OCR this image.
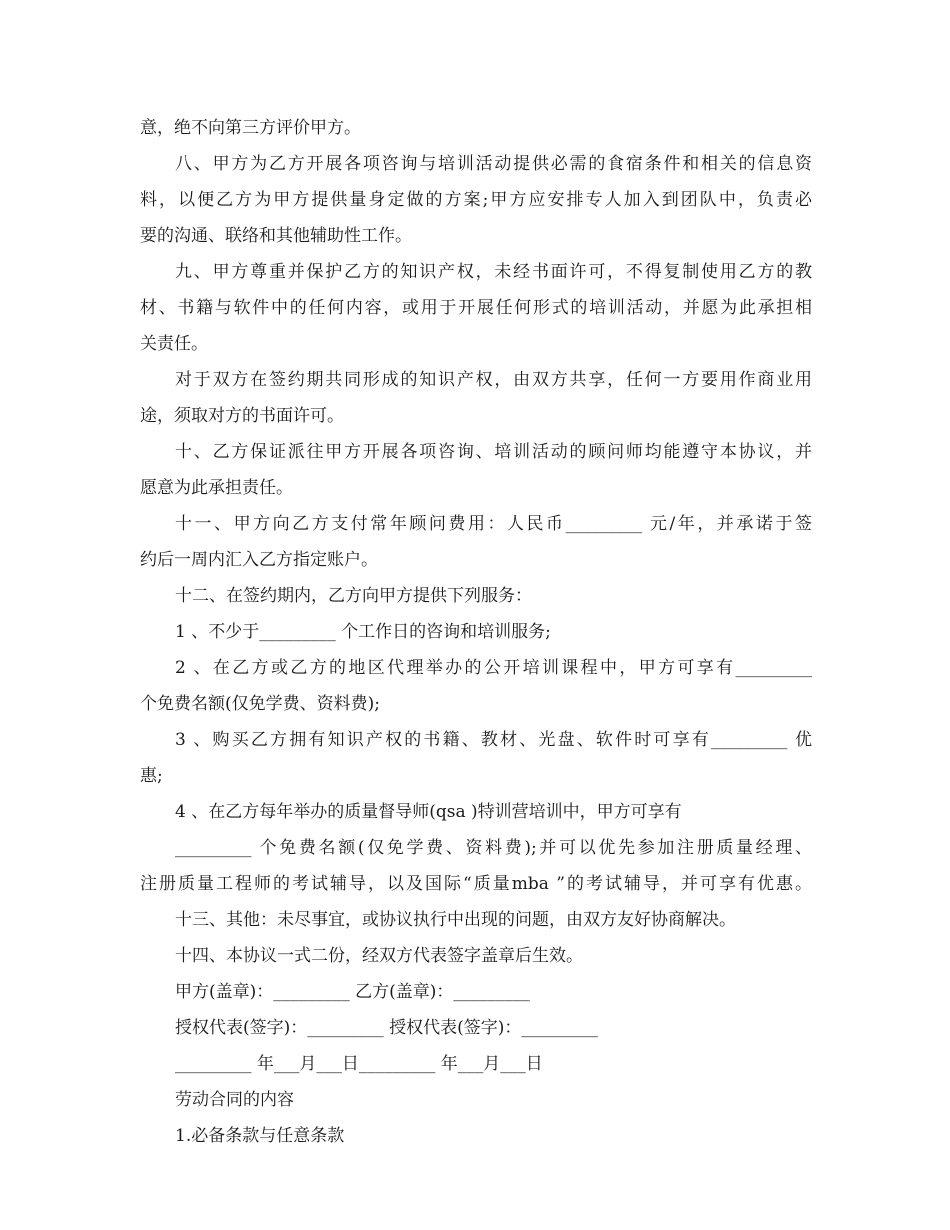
意，绝不向第三方评价甲方。
八、甲方为乙方开展各项咨询与培训活动提供必需的食宿条件和相关的信息资
料，以便乙方为甲方提供量身定做的方案;甲方应安排专人加入到团队中，负责必
要的沟通、联络和其他辅助性工作。
九、甲方尊重并保护乙方的知识产权，未经书面许可，不得复制使用乙方的教
材、书籍与软件中的任何内容，或用于开展任何形式的培训活动，并愿为此承担相
关责任。
对于双方在签约期共同形成的知识产权，由双方共享，任何一方要用作商业用
途，须取对方的书面许可。
十、乙方保证派往甲方开展各项咨询、培训活动的顾问师均能遵守本协议，并
愿意为此承担责任。
十一、甲方向乙方支付常年顾问费用：人民币_________ 元/年，并承诺于签
约后一周内汇入乙方指定账户。
十二、在签约期内，乙方向甲方提供下列服务：
1 、不少于_________ 个工作日的咨询和培训服务;
2 、在乙方或乙方的地区代理举办的公开培训课程中，甲方可享有_________
个免费名额(仅免学费、资料费);
3 、购买乙方拥有知识产权的书籍、教材、光盘、软件时可享有_________ 优
惠;
4 、在乙方每年举办的质量督导师(qsa )特训营培训中，甲方可享有
_________ 个免费名额(仅免学费、资料费);并可以优先参加注册质量经理、
注册质量工程师的考试辅导，以及国际“质量mba ”的考试辅导，并可享有优惠。
十三、其他：未尽事宜，或协议执行中出现的问题，由双方友好协商解决。
十四、本协议一式二份，经双方代表签字盖章后生效。
甲方(盖章)：_________ 乙方(盖章)：_________
授权代表(签字)：_________ 授权代表(签字)：_________
_________ 年___月___日_________ 年___月___日
劳动合同的内容
1.必备条款与任意条款
